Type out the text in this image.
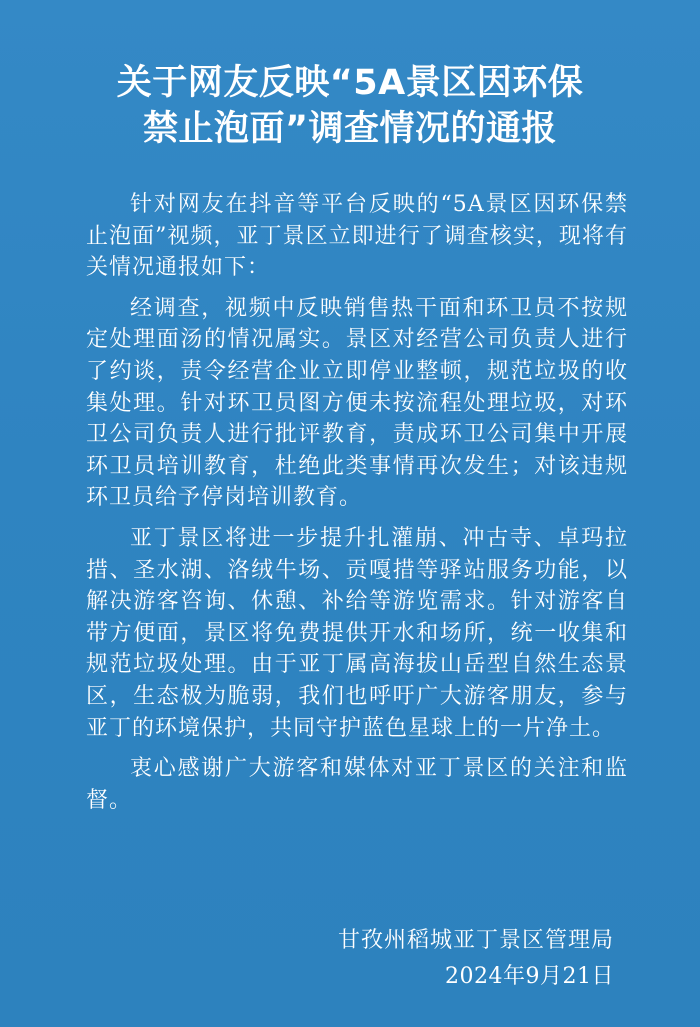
关于网友反映“5A景区因环保
禁止泡面”调查情况的通报

针对网友在抖音等平台反映的“5A景区因环保禁止泡面”视频，亚丁景区立即进行了调查核实，现将有关情况通报如下：

经调查，视频中反映销售热干面和环卫员不按规定处理面汤的情况属实。景区对经营公司负责人进行了约谈，责令经营企业立即停业整顿，规范垃圾的收集处理。针对环卫员图方便未按流程处理垃圾，对环卫公司负责人进行批评教育，责成环卫公司集中开展环卫员培训教育，杜绝此类事情再次发生；对该违规环卫员给予停岗培训教育。

亚丁景区将进一步提升扎灌崩、冲古寺、卓玛拉措、圣水湖、洛绒牛场、贡嘎措等驿站服务功能，以解决游客咨询、休憩、补给等游览需求。针对游客自带方便面，景区将免费提供开水和场所，统一收集和规范垃圾处理。由于亚丁属高海拔山岳型自然生态景区，生态极为脆弱，我们也呼吁广大游客朋友，参与亚丁的环境保护，共同守护蓝色星球上的一片净土。

衷心感谢广大游客和媒体对亚丁景区的关注和监督。

甘孜州稻城亚丁景区管理局
2024年9月21日
